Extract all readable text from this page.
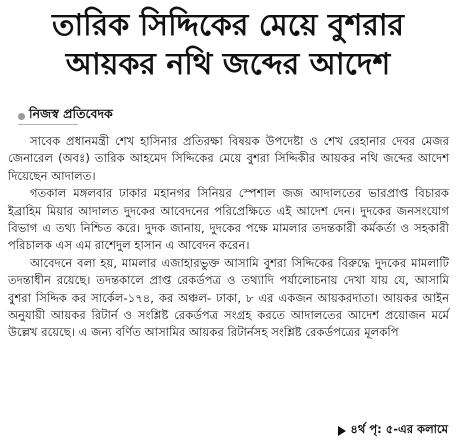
তারিক সিদ্দিকের মেয়ে বুশরার
আয়কর নথি জব্দের আদেশ
নিজস্ব প্রতিবেদক

সাবেক প্রধানমন্ত্রী শেখ হাসিনার প্রতিরক্ষা বিষয়ক উপদেষ্টা ও শেখ রেহানার দেবর মেজর জেনারেল (অবঃ) তারিক আহমেদ সিদ্দিকের মেয়ে বুশরা সিদ্দিকীর আয়কর নথি জব্দের আদেশ দিয়েছেন আদালত।

গতকাল মঙ্গলবার ঢাকার মহানগর সিনিয়র স্পেশাল জজ আদালতের ভারপ্রাপ্ত বিচারক ইব্রাহিম মিয়ার আদালত দুদকের আবেদনের পরিপ্রেক্ষিতে এই আদেশ দেন। দুদকের জনসংযোগ বিভাগ এ তথ্য নিশ্চিত করে। দুদক জানায়, দুদকের পক্ষে মামলার তদন্তকারী কর্মকর্তা ও সহকারী পরিচালক এস এম রাশেদুল হাসান এ আবেদন করেন।

আবেদনে বলা হয়, মামলার এজাহারভুক্ত আসামি বুশরা সিদ্দিকের বিরুদ্ধে দুদকের মামলাটি তদন্তাধীন রয়েছে। তদন্তকালে প্রাপ্ত রেকর্ডপত্র ও তথ্যাদি পর্যালোচনায় দেখা যায় যে, আসামি বুশরা সিদ্দিক কর সার্কেল-১৭৪, কর অঞ্চল- ঢাকা, ৮ এর একজন আয়করদাতা। আয়কর আইন অনুযায়ী আয়কর রিটার্ন ও সংশ্লিষ্ট রেকর্ডপত্র সংগ্রহ করতে আদালতের আদেশ প্রয়োজন মর্মে উল্লেখ রয়েছে। এ জন্য বর্ণিত আসামির আয়কর রিটার্নসহ সংশ্লিষ্ট রেকর্ডপত্রের মূলকপি

৪র্থ পৃ: ৫-এর কলামে
